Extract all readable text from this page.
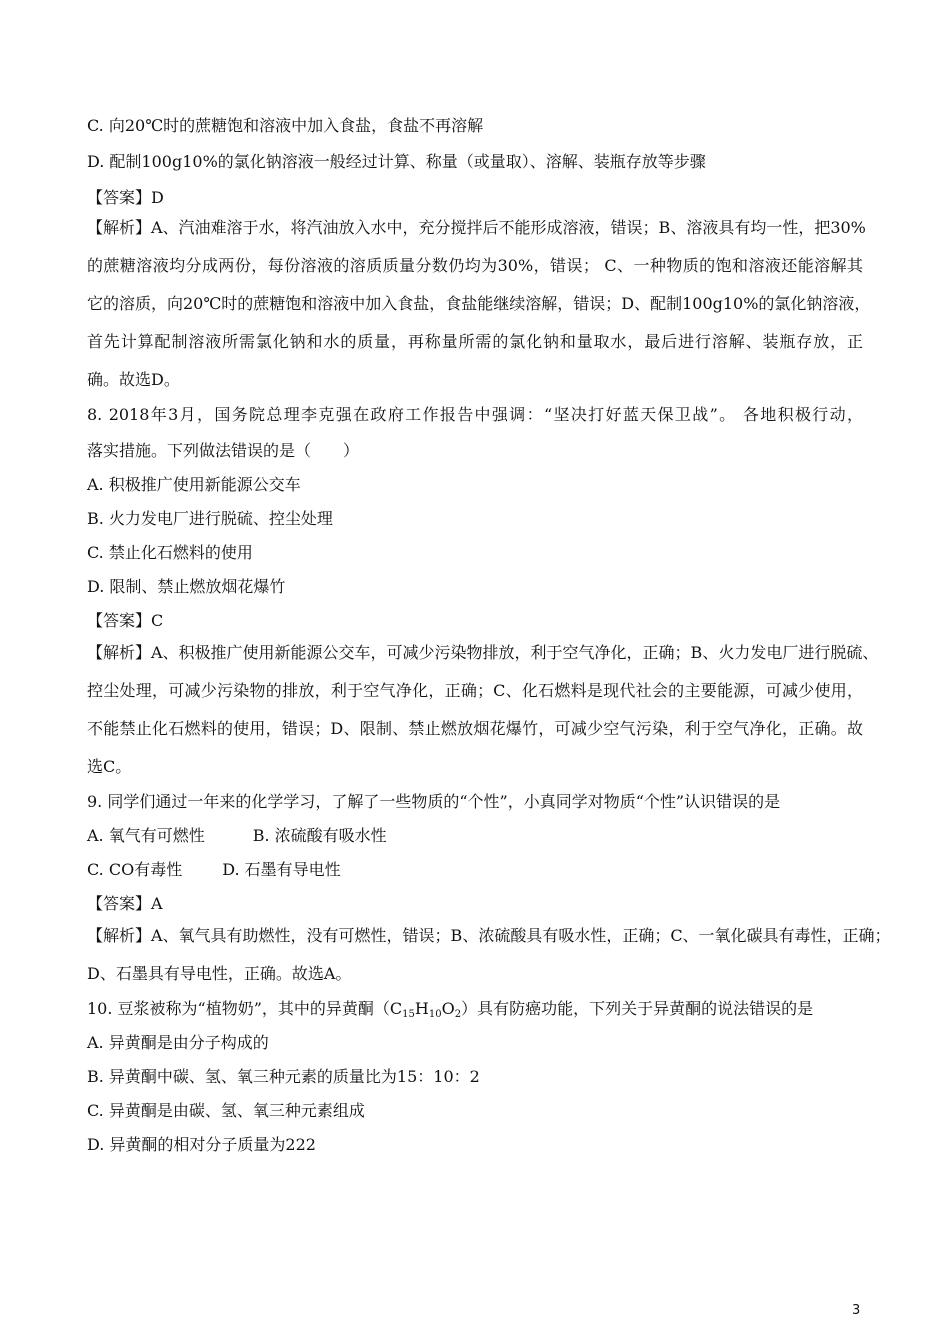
C. 向20℃时的蔗糖饱和溶液中加入食盐，食盐不再溶解
D. 配制100g10%的氯化钠溶液一般经过计算、称量（或量取）、溶解、装瓶存放等步骤
【答案】D
【解析】A、汽油难溶于水，将汽油放入水中，充分搅拌后不能形成溶液，错误；B、溶液具有均一性，把30%
的蔗糖溶液均分成两份，每份溶液的溶质质量分数仍均为30%，错误； C、一种物质的饱和溶液还能溶解其
它的溶质，向20℃时的蔗糖饱和溶液中加入食盐，食盐能继续溶解，错误；D、配制100g10%的氯化钠溶液，
首先计算配制溶液所需氯化钠和水的质量，再称量所需的氯化钠和量取水，最后进行溶解、装瓶存放，正
确。故选D。
8. 2018年3月，国务院总理李克强在政府工作报告中强调：“坚决打好蓝天保卫战”。 各地积极行动，
落实措施。下列做法错误的是（　　）
A. 积极推广使用新能源公交车
B. 火力发电厂进行脱硫、控尘处理
C. 禁止化石燃料的使用
D. 限制、禁止燃放烟花爆竹
【答案】C
【解析】A、积极推广使用新能源公交车，可减少污染物排放，利于空气净化，正确；B、火力发电厂进行脱硫、
控尘处理，可减少污染物的排放，利于空气净化，正确；C、化石燃料是现代社会的主要能源，可减少使用，
不能禁止化石燃料的使用，错误；D、限制、禁止燃放烟花爆竹，可减少空气污染，利于空气净化，正确。故
选C。
9. 同学们通过一年来的化学学习，了解了一些物质的“个性”，小真同学对物质“个性”认识错误的是
A. 氧气有可燃性	B. 浓硫酸有吸水性
C. CO有毒性	D. 石墨有导电性
【答案】A
【解析】A、氧气具有助燃性，没有可燃性，错误；B、浓硫酸具有吸水性，正确；C、一氧化碳具有毒性，正确；
D、石墨具有导电性，正确。故选A。
10. 豆浆被称为“植物奶”，其中的异黄酮$(C_{15}H_{10}O_2)$具有防癌功能，下列关于异黄酮的说法错误的是
A. 异黄酮是由分子构成的
B. 异黄酮中碳、氢、氧三种元素的质量比为15：10：2
C. 异黄酮是由碳、氢、氧三种元素组成
D. 异黄酮的相对分子质量为222
3
